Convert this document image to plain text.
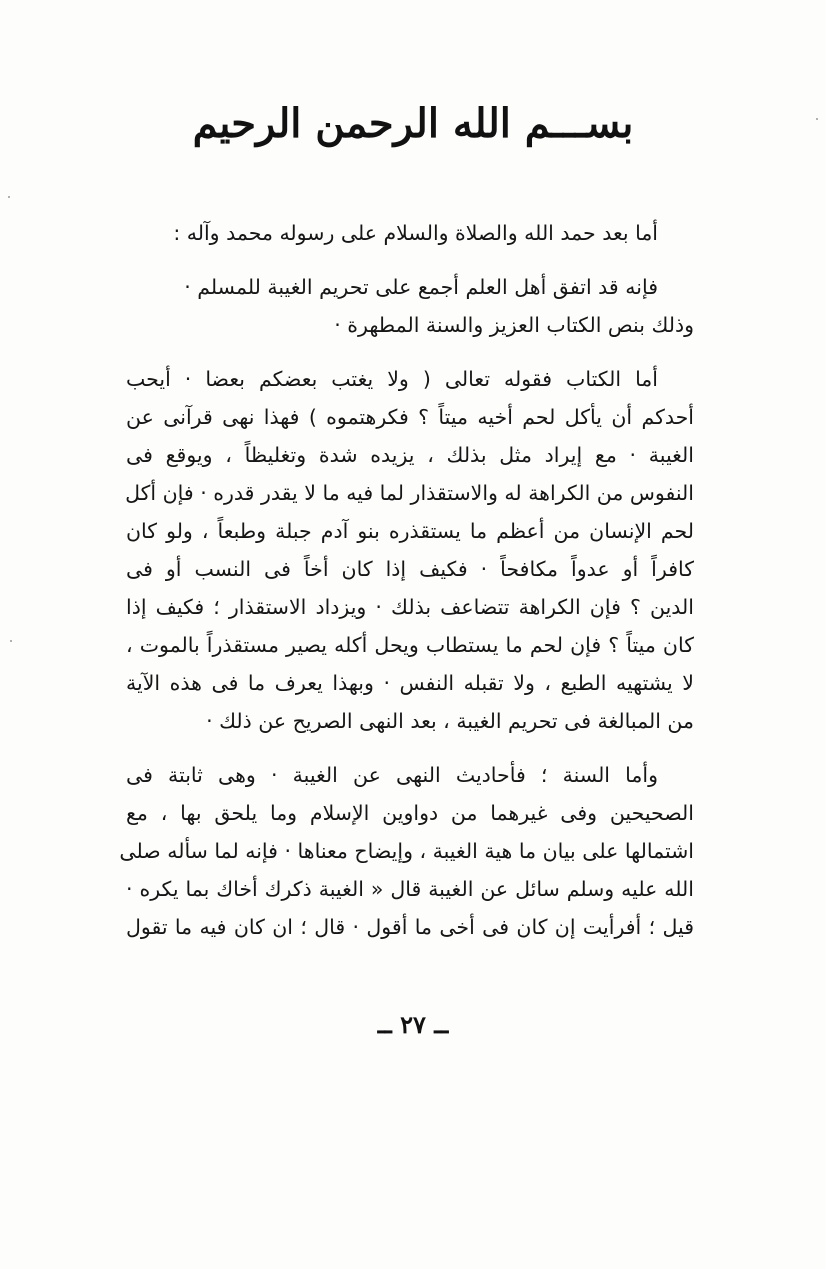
بســـم الله الرحمن الرحيم
أما بعد حمد الله والصلاة والسلام على رسوله محمد وآله :
فإنه قد اتفق أهل العلم أجمع على تحريم الغيبة للمسلم ·
وذلك بنص الكتاب العزيز والسنة المطهرة ·
أما الكتاب فقوله تعالى ( ولا يغتب بعضكم بعضا · أيحب
أحدكم أن يأكل لحم أخيه ميتاً ؟ فكرهتموه ) فهذا نهى قرآنى عن
الغيبة · مع إيراد مثل بذلك ، يزيده شدة وتغليظاً ، ويوقع فى
النفوس من الكراهة له والاستقذار لما فيه ما لا يقدر قدره · فإن أكل
لحم الإنسان من أعظم ما يستقذره بنو آدم جبلة وطبعاً ، ولو كان
كافراً أو عدواً مكافحاً · فكيف إذا كان أخاً فى النسب أو فى
الدين ؟ فإن الكراهة تتضاعف بذلك · ويزداد الاستقذار ؛ فكيف إذا
كان ميتاً ؟ فإن لحم ما يستطاب ويحل أكله يصير مستقذراً بالموت ،
لا يشتهيه الطبع ، ولا تقبله النفس · وبهذا يعرف ما فى هذه الآية
من المبالغة فى تحريم الغيبة ، بعد النهى الصريح عن ذلك ·
وأما السنة ؛ فأحاديث النهى عن الغيبة · وهى ثابتة فى
الصحيحين وفى غيرهما من دواوين الإسلام وما يلحق بها ، مع
اشتمالها على بيان ما هية الغيبة ، وإيضاح معناها · فإنه لما سأله صلى
الله عليه وسلم سائل عن الغيبة قال « الغيبة ذكرك أخاك بما يكره ·
قيل ؛ أفرأيت إن كان فى أخى ما أقول · قال ؛ ان كان فيه ما تقول
ــ ٢٧ ــ
